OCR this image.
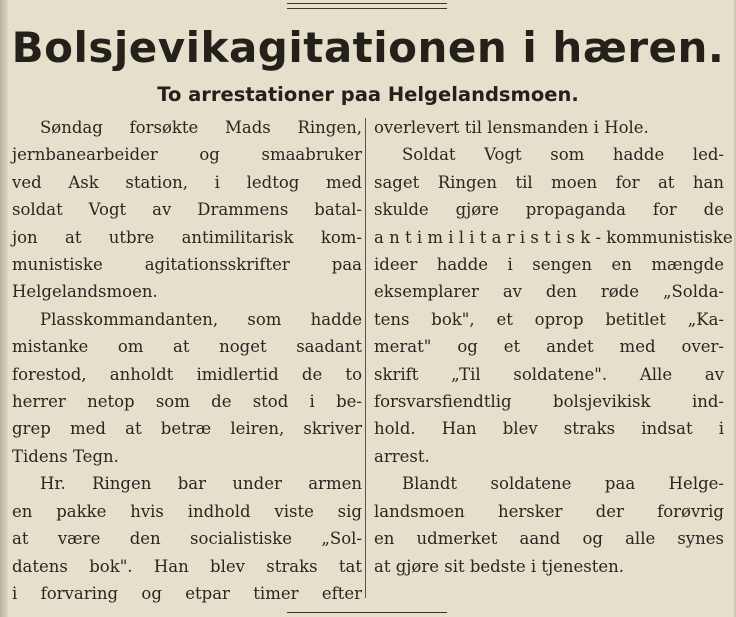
Bolsjevikagitationen i hæren.
To arrestationer paa Helgelandsmoen.
Søndag forsøkte Mads Ringen,
jernbanearbeider og smaabruker
ved Ask station, i ledtog med
soldat Vogt av Drammens batal-
jon at utbre antimilitarisk kom-
munistiske agitationsskrifter paa
Helgelandsmoen.
Plasskommandanten, som hadde
mistanke om at noget saadant
forestod, anholdt imidlertid de to
herrer netop som de stod i be-
grep med at betræ leiren, skriver
Tidens Tegn.
Hr. Ringen bar under armen
en pakke hvis indhold viste sig
at være den socialistiske „Sol-
datens bok". Han blev straks tat
i forvaring og etpar timer efter
overlevert til lensmanden i Hole.
Soldat Vogt som hadde led-
saget Ringen til moen for at han
skulde gjøre propaganda for de
a n t i m i l i t a r i s t i s k - kommunistiske
ideer hadde i sengen en mængde
eksemplarer av den røde „Solda-
tens bok", et oprop betitlet „Ka-
merat" og et andet med over-
skrift „Til soldatene". Alle av
forsvarsfiendtlig bolsjevikisk ind-
hold. Han blev straks indsat i
arrest.
Blandt soldatene paa Helge-
landsmoen hersker der forøvrig
en udmerket aand og alle synes
at gjøre sit bedste i tjenesten.
